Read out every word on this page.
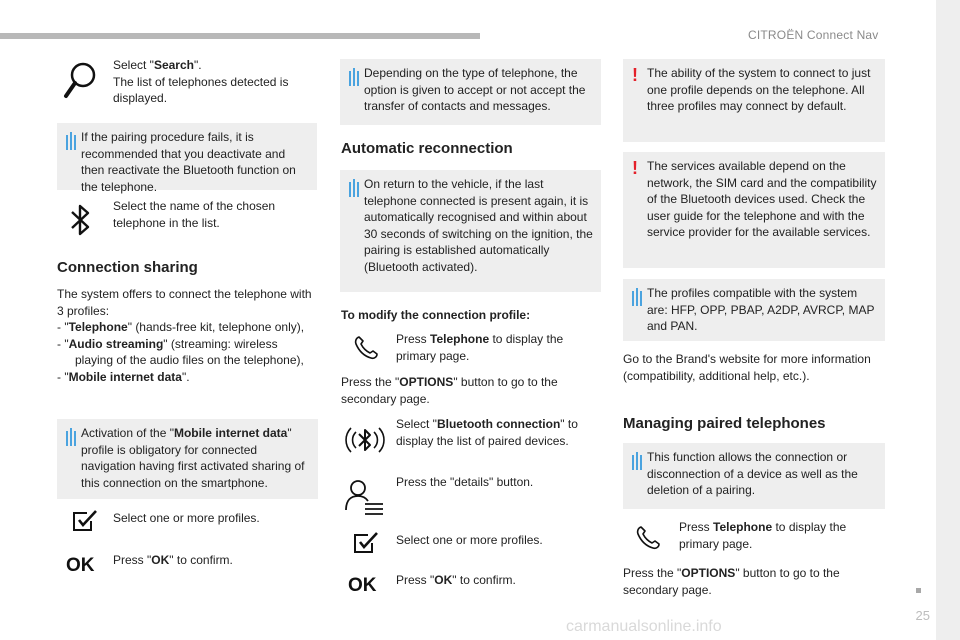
CITROËN Connect Nav
25
carmanualsonline.info
Select "Search".
The list of telephones detected is displayed.
If the pairing procedure fails, it is recommended that you deactivate and then reactivate the Bluetooth function on the telephone.
Select the name of the chosen telephone in the list.
Connection sharing
The system offers to connect the telephone with 3 profiles:
- "Telephone" (hands-free kit, telephone only),
- "Audio streaming" (streaming: wireless playing of the audio files on the telephone),
- "Mobile internet data".
Activation of the "Mobile internet data" profile is obligatory for connected navigation having first activated sharing of this connection on the smartphone.
Select one or more profiles.
OK Press "OK" to confirm.
Depending on the type of telephone, the option is given to accept or not accept the transfer of contacts and messages.
Automatic reconnection
On return to the vehicle, if the last telephone connected is present again, it is automatically recognised and within about 30 seconds of switching on the ignition, the pairing is established automatically (Bluetooth activated).
To modify the connection profile:
Press Telephone to display the primary page.
Press the "OPTIONS" button to go to the secondary page.
Select "Bluetooth connection" to display the list of paired devices.
Press the "details" button.
Select one or more profiles.
OK Press "OK" to confirm.
! The ability of the system to connect to just one profile depends on the telephone. All three profiles may connect by default.
! The services available depend on the network, the SIM card and the compatibility of the Bluetooth devices used. Check the user guide for the telephone and with the service provider for the available services.
The profiles compatible with the system are: HFP, OPP, PBAP, A2DP, AVRCP, MAP and PAN.
Go to the Brand's website for more information (compatibility, additional help, etc.).
Managing paired telephones
This function allows the connection or disconnection of a device as well as the deletion of a pairing.
Press Telephone to display the primary page.
Press the "OPTIONS" button to go to the secondary page.
